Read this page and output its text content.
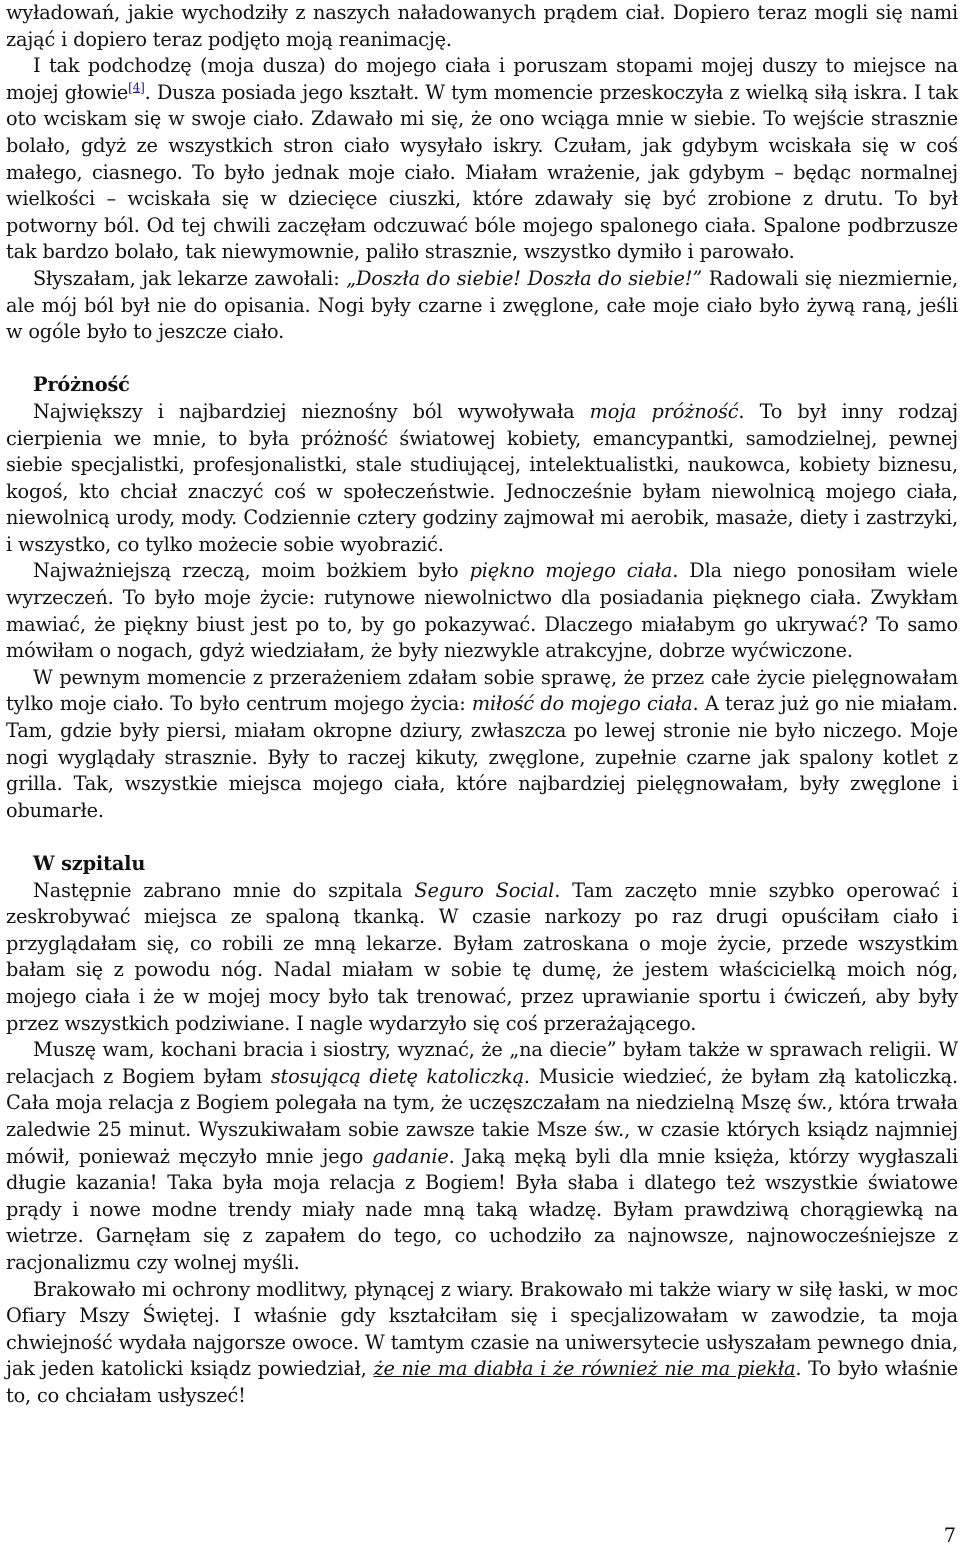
wyładowań, jakie wychodziły z naszych naładowanych prądem ciał. Dopiero teraz mogli się nami zająć i dopiero teraz podjęto moją reanimację.

I tak podchodzę (moja dusza) do mojego ciała i poruszam stopami mojej duszy to miejsce na mojej głowie[4]. Dusza posiada jego kształt. W tym momencie przeskoczyła z wielką siłą iskra. I tak oto wciskam się w swoje ciało. Zdawało mi się, że ono wciąga mnie w siebie. To wejście strasznie bolało, gdyż ze wszystkich stron ciało wysyłało iskry. Czułam, jak gdybym wciskała się w coś małego, ciasnego. To było jednak moje ciało. Miałam wrażenie, jak gdybym – będąc normalnej wielkości – wciskała się w dziecięce ciuszki, które zdawały się być zrobione z drutu. To był potworny ból. Od tej chwili zaczęłam odczuwać bóle mojego spalonego ciała. Spalone podbrzusze tak bardzo bolało, tak niewymownie, paliło strasznie, wszystko dymiło i parowało.

Słyszałam, jak lekarze zawołali: „Doszła do siebie! Doszła do siebie!” Radowali się niezmiernie, ale mój ból był nie do opisania. Nogi były czarne i zwęglone, całe moje ciało było żywą raną, jeśli w ogóle było to jeszcze ciało.

Próżność

Największy i najbardziej nieznośny ból wywoływała moja próżność. To był inny rodzaj cierpienia we mnie, to była próżność światowej kobiety, emancypantki, samodzielnej, pewnej siebie specjalistki, profesjonalistki, stale studiującej, intelektualistki, naukowca, kobiety biznesu, kogoś, kto chciał znaczyć coś w społeczeństwie. Jednocześnie byłam niewolnicą mojego ciała, niewolnicą urody, mody. Codziennie cztery godziny zajmował mi aerobik, masaże, diety i zastrzyki, i wszystko, co tylko możecie sobie wyobrazić.

Najważniejszą rzeczą, moim bożkiem było piękno mojego ciała. Dla niego ponosiłam wiele wyrzeczeń. To było moje życie: rutynowe niewolnictwo dla posiadania pięknego ciała. Zwykłam mawiać, że piękny biust jest po to, by go pokazywać. Dlaczego miałabym go ukrywać? To samo mówiłam o nogach, gdyż wiedziałam, że były niezwykle atrakcyjne, dobrze wyćwiczone.

W pewnym momencie z przerażeniem zdałam sobie sprawę, że przez całe życie pielęgnowałam tylko moje ciało. To było centrum mojego życia: miłość do mojego ciała. A teraz już go nie miałam. Tam, gdzie były piersi, miałam okropne dziury, zwłaszcza po lewej stronie nie było niczego. Moje nogi wyglądały strasznie. Były to raczej kikuty, zwęglone, zupełnie czarne jak spalony kotlet z grilla. Tak, wszystkie miejsca mojego ciała, które najbardziej pielęgnowałam, były zwęglone i obumarłe.

W szpitalu

Następnie zabrano mnie do szpitala Seguro Social. Tam zaczęto mnie szybko operować i zeskrobywać miejsca ze spaloną tkanką. W czasie narkozy po raz drugi opuściłam ciało i przyglądałam się, co robili ze mną lekarze. Byłam zatroskana o moje życie, przede wszystkim bałam się z powodu nóg. Nadal miałam w sobie tę dumę, że jestem właścicielką moich nóg, mojego ciała i że w mojej mocy było tak trenować, przez uprawianie sportu i ćwiczeń, aby były przez wszystkich podziwiane. I nagle wydarzyło się coś przerażającego.

Muszę wam, kochani bracia i siostry, wyznać, że „na diecie” byłam także w sprawach religii. W relacjach z Bogiem byłam stosującą dietę katoliczką. Musicie wiedzieć, że byłam złą katoliczką. Cała moja relacja z Bogiem polegała na tym, że uczęszczałam na niedzielną Mszę św., która trwała zaledwie 25 minut. Wyszukiwałam sobie zawsze takie Msze św., w czasie których ksiądz najmniej mówił, ponieważ męczyło mnie jego gadanie. Jaką męką byli dla mnie księża, którzy wygłaszali długie kazania! Taka była moja relacja z Bogiem! Była słaba i dlatego też wszystkie światowe prądy i nowe modne trendy miały nade mną taką władzę. Byłam prawdziwą chorągiewką na wietrze. Garnęłam się z zapałem do tego, co uchodziło za najnowsze, najnowocześniejsze z racjonalizmu czy wolnej myśli.

Brakowało mi ochrony modlitwy, płynącej z wiary. Brakowało mi także wiary w siłę łaski, w moc Ofiary Mszy Świętej. I właśnie gdy kształciłam się i specjalizowałam w zawodzie, ta moja chwiejność wydała najgorsze owoce. W tamtym czasie na uniwersytecie usłyszałam pewnego dnia, jak jeden katolicki ksiądz powiedział, że nie ma diabła i że również nie ma piekła. To było właśnie to, co chciałam usłyszeć!

7
